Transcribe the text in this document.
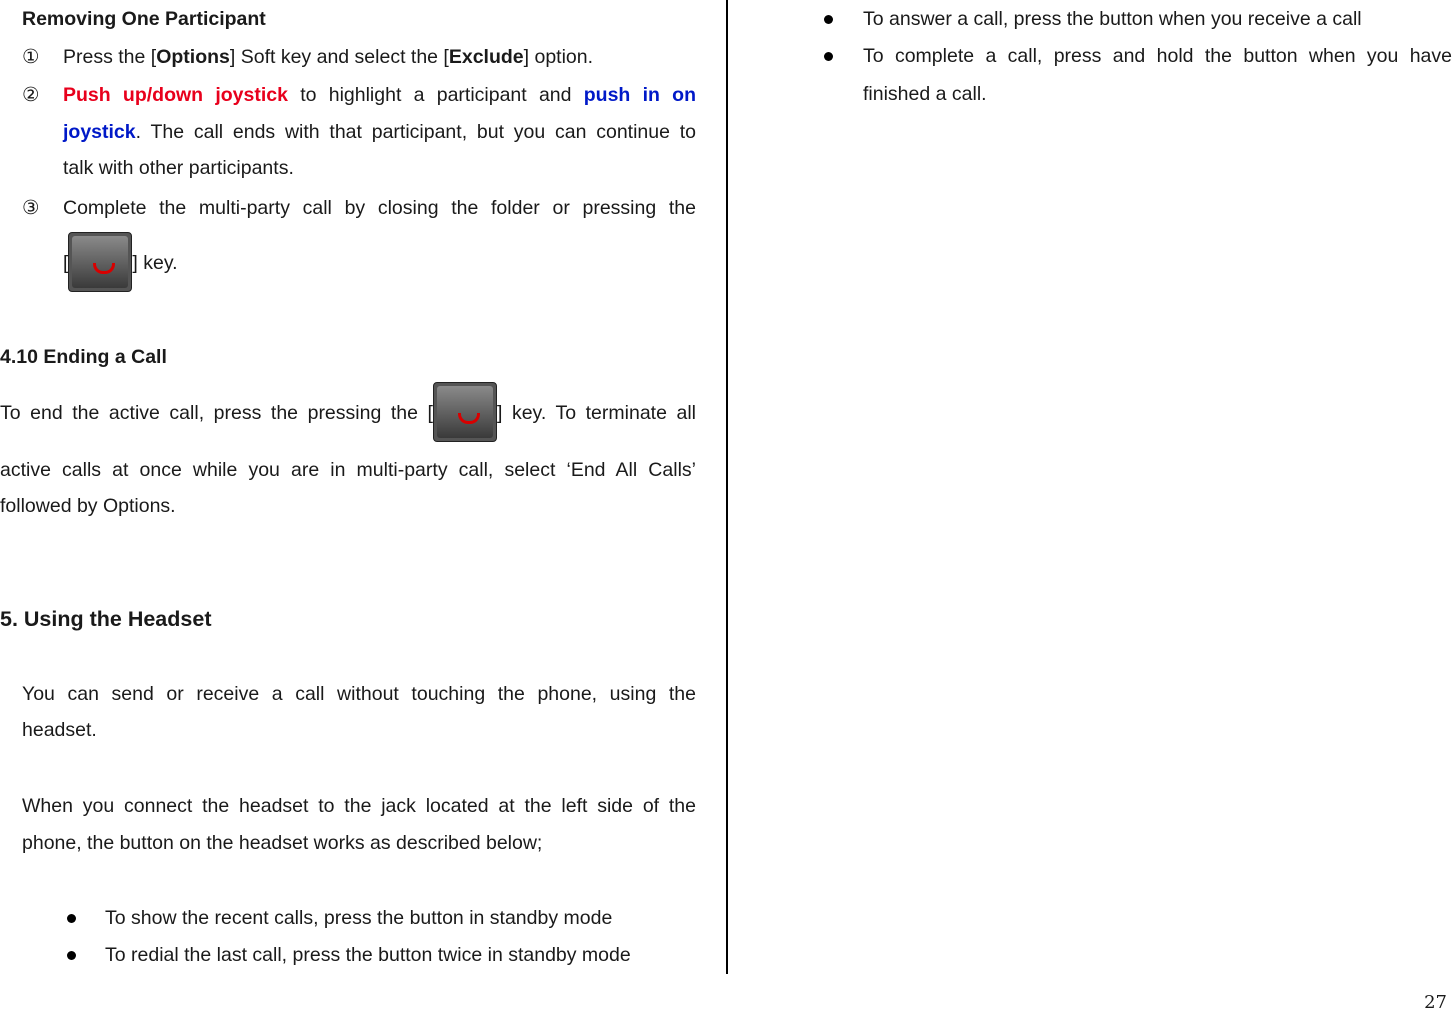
Removing One Participant
①	Press the [Options] Soft key and select the [Exclude] option.
②	Push up/down joystick to highlight a participant and push in on
joystick. The call ends with that participant, but you can continue to
talk with other participants.
③	Complete the multi-party call by closing the folder or pressing the
[	] key.
4.10 Ending a Call
To end the active call, press the pressing the [	] key. To terminate all
active calls at once while you are in multi-party call, select ‘End All Calls’
followed by Options.
5. Using the Headset
You can send or receive a call without touching the phone, using the
headset.
When you connect the headset to the jack located at the left side of the
phone, the button on the headset works as described below;
To show the recent calls, press the button in standby mode
To redial the last call, press the button twice in standby mode
To answer a call, press the button when you receive a call
To complete a call, press and hold the button when you have
finished a call.
27
